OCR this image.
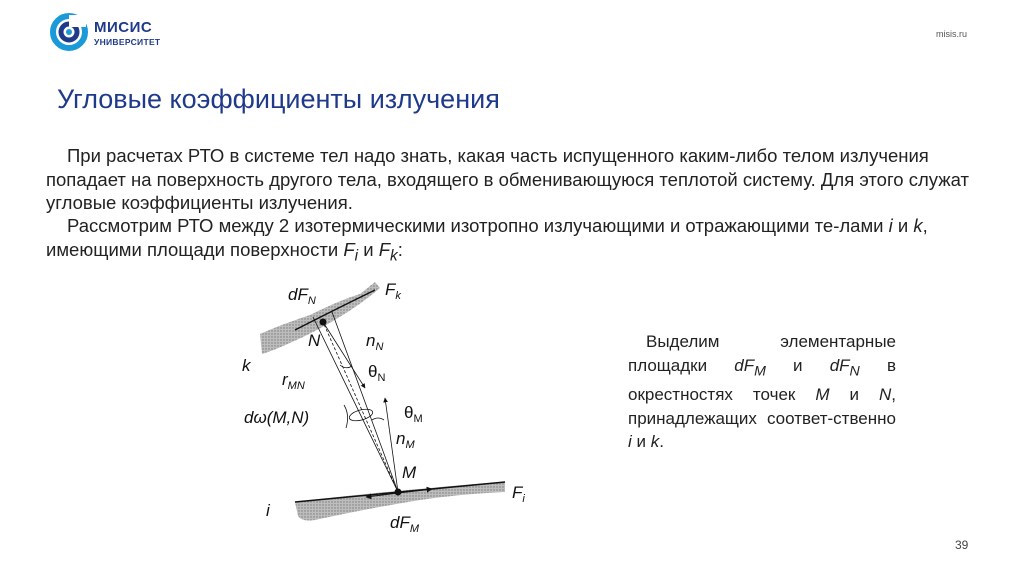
МИСИС
УНИВЕРСИТЕТ
misis.ru
Угловые коэффициенты излучения
При расчетах РТО в системе тел надо знать, какая часть испущенного каким-либо телом излучения попадает на поверхность другого тела, входящего в обменивающуюся теплотой систему. Для этого служат угловые коэффициенты излучения.
Рассмотрим РТО между 2 изотермическими изотропно излучающими и отражающими те-лами i и k, имеющими площади поверхности $F_i$ и $F_k$:
$dF_N$
$F_k$
N	$n_N$
k	$\theta_N$
$r_{MN}$
dω(M,N)	$\theta_M$
$n_M$
M
$F_i$
i
$dF_M$
Выделим элементарные площадки $dF_M$ и $dF_N$ в окрестностях точек M и N, принадлежащих соответ-ственно i и k.
39
